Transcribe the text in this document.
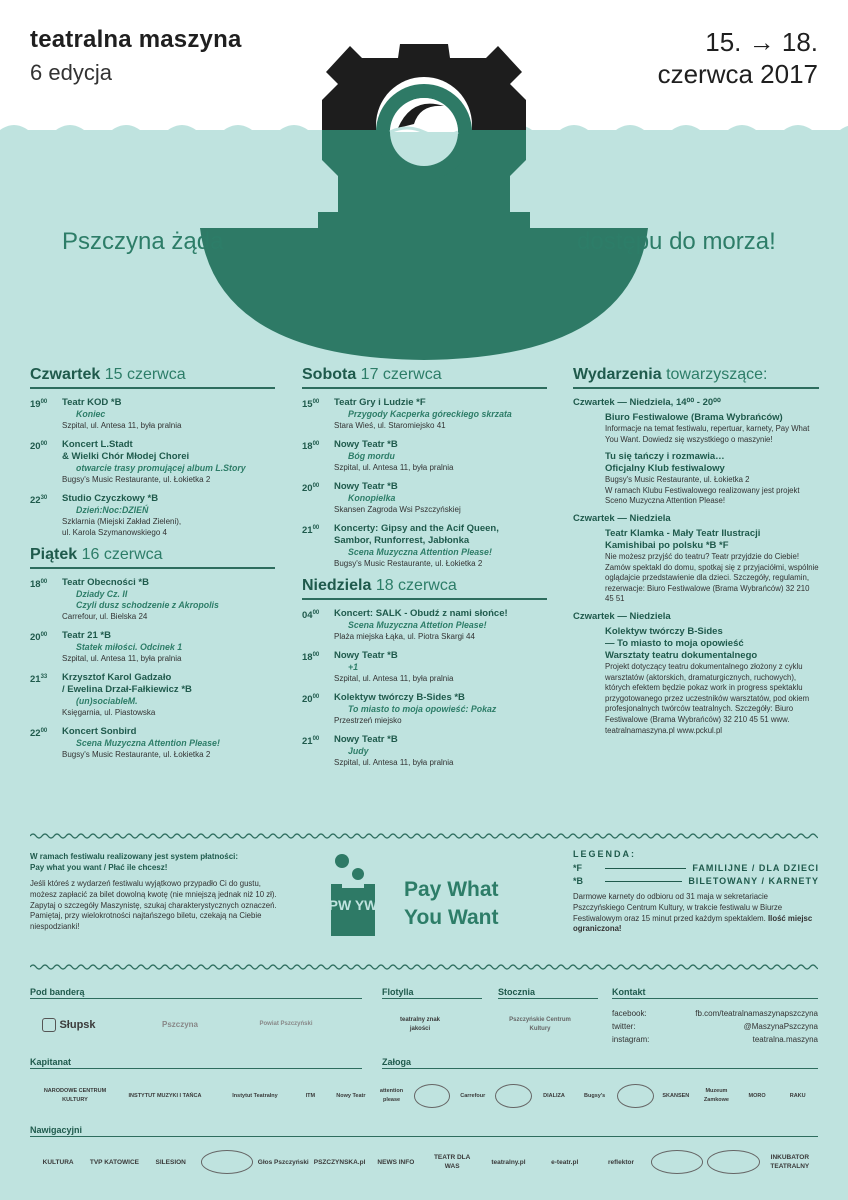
PW YW
teatralna maszyna
6 edycja
15. → 18.
czerwca 2017
Pszczyna żąda	dostępu do morza!
Czwartek 15 czerwca
$19^{00}$ Teatr KOD *B
Koniec
Szpital, ul. Antesa 11, była pralnia
$20^{00}$ Koncert L.Stadt
& Wielki Chór Młodej Chorei
otwarcie trasy promującej album L.Story
Bugsy's Music Restaurante, ul. Łokietka 2
$22^{30}$ Studio Czyczkowy *B
Dzień:Noc:DZIEŃ
Szklarnia (Miejski Zakład Zieleni),
ul. Karola Szymanowskiego 4
Piątek 16 czerwca
$18^{00}$ Teatr Obecności *B
Dziady Cz. II
Czyli dusz schodzenie z Akropolis
Carrefour, ul. Bielska 24
$20^{00}$ Teatr 21 *B
Statek miłości. Odcinek 1
Szpital, ul. Antesa 11, była pralnia
$21^{33}$ Krzysztof Karol Gadzało
/ Ewelina Drzał-Fałkiewicz *B
(un)sociableM.
Księgarnia, ul. Piastowska
$22^{00}$ Koncert Sonbird
Scena Muzyczna Attention Please!
Bugsy's Music Restaurante, ul. Łokietka 2
Sobota 17 czerwca
$15^{00}$ Teatr Gry i Ludzie *F
Przygody Kacperka góreckiego skrzata
Stara Wieś, ul. Staromiejsko 41
$18^{00}$ Nowy Teatr *B
Bóg mordu
Szpital, ul. Antesa 11, była pralnia
$20^{00}$ Nowy Teatr *B
Konopielka
Skansen Zagroda Wsi Pszczyńskiej
$21^{00}$ Koncerty: Gipsy and the Acif Queen,
Sambor, Runforrest, Jabłonka
Scena Muzyczna Attention Please!
Bugsy's Music Restaurante, ul. Łokietka 2
Niedziela 18 czerwca
$04^{00}$ Koncert: SALK - Obudź z nami słońce!
Scena Muzyczna Attetion Please!
Plaża miejska Łąka, ul. Piotra Skargi 44
$18^{00}$ Nowy Teatr *B
+1
Szpital, ul. Antesa 11, była pralnia
$20^{00}$ Kolektyw twórczy B-Sides *B
To miasto to moja opowieść: Pokaz
Przestrzeń miejsko
$21^{00}$ Nowy Teatr *B
Judy
Szpital, ul. Antesa 11, była pralnia
Wydarzenia towarzyszące:
Czwartek — Niedziela, 14⁰⁰ - 20⁰⁰
Biuro Festiwalowe (Brama Wybrańców)
Informacje na temat festiwalu, repertuar, karnety, Pay What You Want. Dowiedz się wszystkiego o maszynie!
Tu się tańczy i rozmawia…
Oficjalny Klub festiwalowy
Bugsy's Music Restaurante, ul. Łokietka 2
W ramach Klubu Festiwalowego realizowany jest projekt Sceno Muzyczna Attention Please!
Czwartek — Niedziela
Teatr Klamka - Mały Teatr Ilustracji
Kamishibai po polsku *B *F
Nie możesz przyjść do teatru? Teatr przyjdzie do Ciebie! Zamów spektakl do domu, spotkaj się z przyjaciółmi, wspólnie oglądajcie przedstawienie dla dzieci. Szczegóły, regulamin, rezerwacje: Biuro Festiwalowe (Brama Wybrańców) 32 210 45 51
Czwartek — Niedziela
Kolektyw twórczy B-Sides
— To miasto to moja opowieść
Warsztaty teatru dokumentalnego
Projekt dotyczący teatru dokumentalnego złożony z cyklu warsztatów (aktorskich, dramaturgicznych, ruchowych), których efektem będzie pokaz work in progress spektaklu przygotowanego przez uczestników warsztatów, pod okiem profesjonalnych twórców teatralnych. Szczegóły: Biuro Festiwalowe (Brama Wybrańców) 32 210 45 51 www. teatralnamaszyna.pl www.pckul.pl
W ramach festiwalu realizowany jest system płatności:
Pay what you want / Płać ile chcesz!
Jeśli któreś z wydarzeń festiwalu wyjątkowo przypadło Ci do gustu, możesz zapłacić za bilet dowolną kwotę (nie mniejszą jednak niż 10 zł). Zapytaj o szczegóły Maszynistę, szukaj charakterystycznych oznaczeń. Pamiętaj, przy wielokrotności najtańszego biletu, czekają na Ciebie niespodzianki!
Pay What
You Want
LEGENDA:
*F	FAMILIJNE / DLA DZIECI
*B	BILETOWANY / KARNETY
Darmowe karnety do odbioru od 31 maja w sekretariacie Pszczyńskiego Centrum Kultury, w trakcie festiwalu w Biurze Festiwalowym oraz 15 minut przed każdym spektaklem. Ilość miejsc ograniczona!
Pod banderą	Flotylla	Stocznia	Kontakt
Słupsk	Pszczyna	Powiat Pszczyński
teatralny znak jakości
Pszczyńskie Centrum Kultury
facebook:	fb.com/teatralnamaszynapszczyna
twitter:	@MaszynaPszczyna
instagram:	teatralna.maszyna
Kapitanat	Załoga
NARODOWE CENTRUM KULTURY
INSTYTUT MUZYKI I TAŃCA	Instytut Teatralny	ITM	Nowy Teatr
attention please
Carrefour	DIALIZA	Bugsy's	SKANSEN
Muzeum Zamkowe
MORO	RAKU
Nawigacyjni
KULTURA	TVP KATOWICE	SILESION	Głos Pszczyński PSZCZYNSKA.pl	NEWS INFO
TEATR DLA WAS
teatralny.pl	e-teatr.pl	reflektor
INKUBATOR TEATRALNY
